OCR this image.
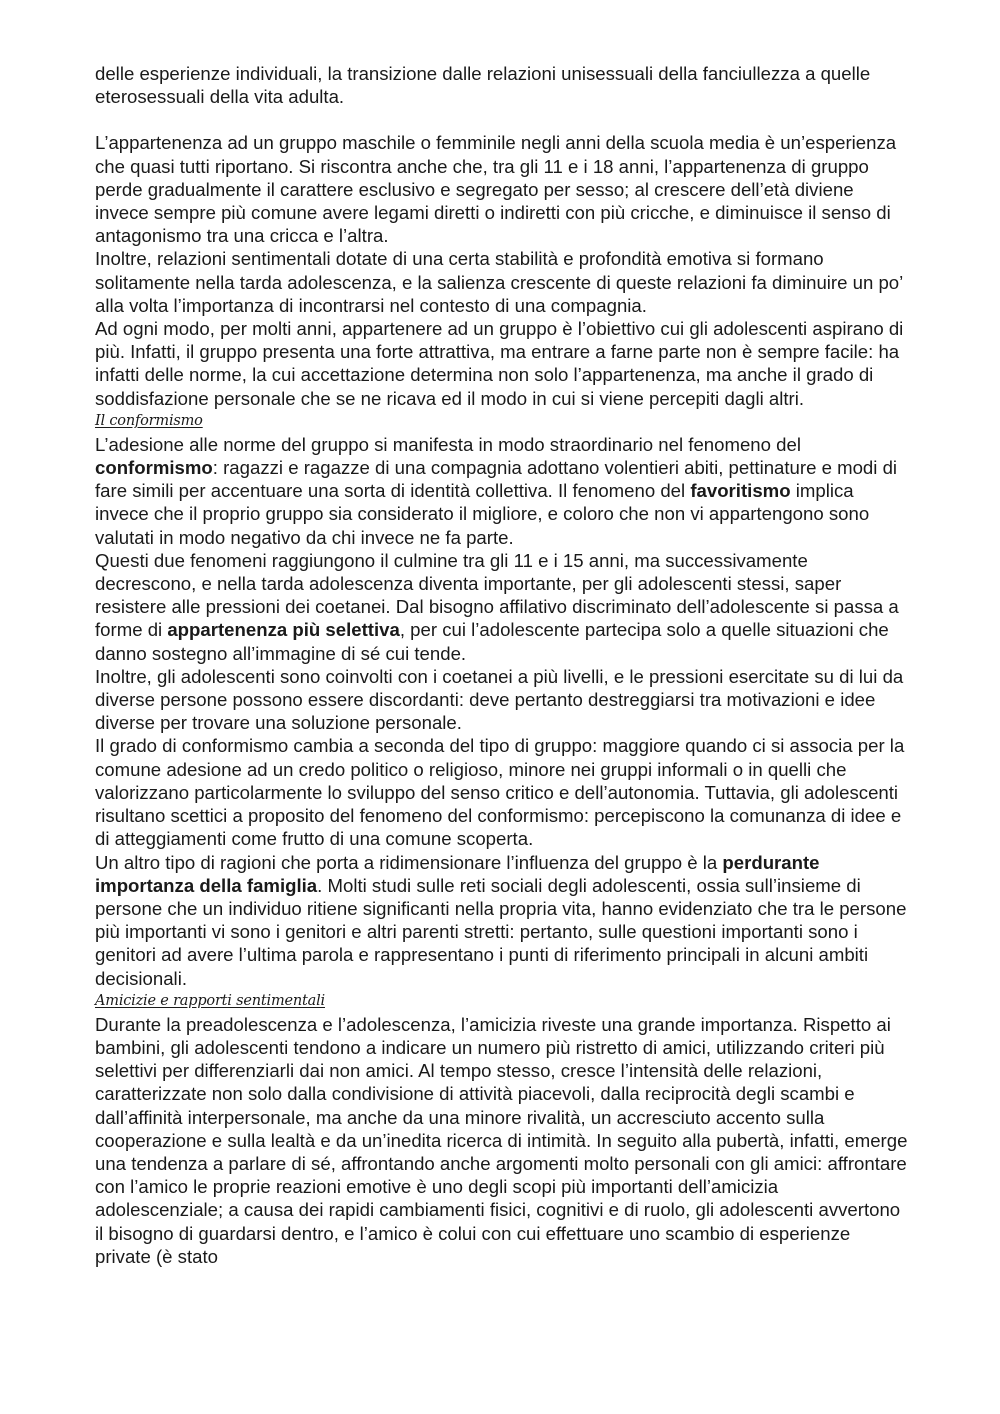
delle esperienze individuali, la transizione dalle relazioni unisessuali della fanciullezza a quelle eterosessuali della vita adulta.

L’appartenenza ad un gruppo maschile o femminile negli anni della scuola media è un’esperienza che quasi tutti riportano. Si riscontra anche che, tra gli 11 e i 18 anni, l’appartenenza di gruppo perde gradualmente il carattere esclusivo e segregato per sesso; al crescere dell’età diviene invece sempre più comune avere legami diretti o indiretti con più cricche, e diminuisce il senso di antagonismo tra una cricca e l’altra.

Inoltre, relazioni sentimentali dotate di una certa stabilità e profondità emotiva si formano solitamente nella tarda adolescenza, e la salienza crescente di queste relazioni fa diminuire un po’ alla volta l’importanza di incontrarsi nel contesto di una compagnia.

Ad ogni modo, per molti anni, appartenere ad un gruppo è l’obiettivo cui gli adolescenti aspirano di più. Infatti, il gruppo presenta una forte attrattiva, ma entrare a farne parte non è sempre facile: ha infatti delle norme, la cui accettazione determina non solo l’appartenenza, ma anche il grado di soddisfazione personale che se ne ricava ed il modo in cui si viene percepiti dagli altri.

Il conformismo

L’adesione alle norme del gruppo si manifesta in modo straordinario nel fenomeno del conformismo: ragazzi e ragazze di una compagnia adottano volentieri abiti, pettinature e modi di fare simili per accentuare una sorta di identità collettiva. Il fenomeno del favoritismo implica invece che il proprio gruppo sia considerato il migliore, e coloro che non vi appartengono sono valutati in modo negativo da chi invece ne fa parte.

Questi due fenomeni raggiungono il culmine tra gli 11 e i 15 anni, ma successivamente decrescono, e nella tarda adolescenza diventa importante, per gli adolescenti stessi, saper resistere alle pressioni dei coetanei. Dal bisogno affilativo discriminato dell’adolescente si passa a forme di appartenenza più selettiva, per cui l’adolescente partecipa solo a quelle situazioni che danno sostegno all’immagine di sé cui tende.

Inoltre, gli adolescenti sono coinvolti con i coetanei a più livelli, e le pressioni esercitate su di lui da diverse persone possono essere discordanti: deve pertanto destreggiarsi tra motivazioni e idee diverse per trovare una soluzione personale.

Il grado di conformismo cambia a seconda del tipo di gruppo: maggiore quando ci si associa per la comune adesione ad un credo politico o religioso, minore nei gruppi informali o in quelli che valorizzano particolarmente lo sviluppo del senso critico e dell’autonomia. Tuttavia, gli adolescenti risultano scettici a proposito del fenomeno del conformismo: percepiscono la comunanza di idee e di atteggiamenti come frutto di una comune scoperta.

Un altro tipo di ragioni che porta a ridimensionare l’influenza del gruppo è la perdurante importanza della famiglia. Molti studi sulle reti sociali degli adolescenti, ossia sull’insieme di persone che un individuo ritiene significanti nella propria vita, hanno evidenziato che tra le persone più importanti vi sono i genitori e altri parenti stretti: pertanto, sulle questioni importanti sono i genitori ad avere l’ultima parola e rappresentano i punti di riferimento principali in alcuni ambiti decisionali.

Amicizie e rapporti sentimentali

Durante la preadolescenza e l’adolescenza, l’amicizia riveste una grande importanza. Rispetto ai bambini, gli adolescenti tendono a indicare un numero più ristretto di amici, utilizzando criteri più selettivi per differenziarli dai non amici. Al tempo stesso, cresce l’intensità delle relazioni, caratterizzate non solo dalla condivisione di attività piacevoli, dalla reciprocità degli scambi e dall’affinità interpersonale, ma anche da una minore rivalità, un accresciuto accento sulla cooperazione e sulla lealtà e da un’inedita ricerca di intimità. In seguito alla pubertà, infatti, emerge una tendenza a parlare di sé, affrontando anche argomenti molto personali con gli amici: affrontare con l’amico le proprie reazioni emotive è uno degli scopi più importanti dell’amicizia adolescenziale; a causa dei rapidi cambiamenti fisici, cognitivi e di ruolo, gli adolescenti avvertono il bisogno di guardarsi dentro, e l’amico è colui con cui effettuare uno scambio di esperienze private (è stato
